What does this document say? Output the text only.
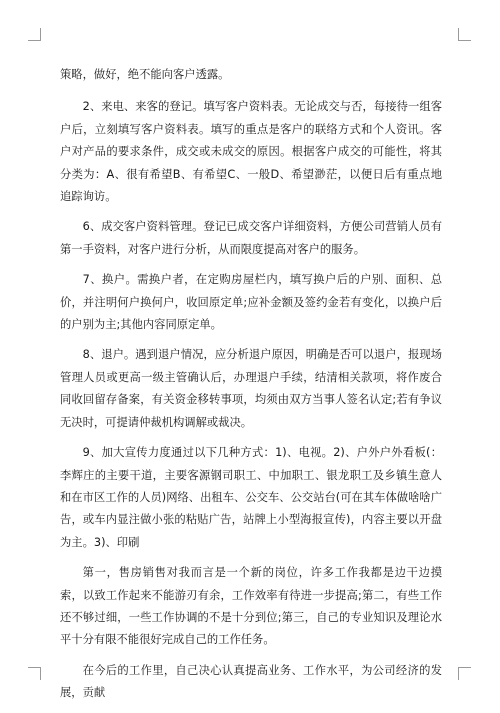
策略，做好，绝不能向客户透露。

2、来电、来客的登记。填写客户资料表。无论成交与否，每接待一组客户后，立刻填写客户资料表。填写的重点是客户的联络方式和个人资讯。客户对产品的要求条件，成交或未成交的原因。根据客户成交的可能性，将其分类为：A、很有希望B、有希望C、一般D、希望渺茫，以便日后有重点地追踪询访。

6、成交客户资料管理。登记已成交客户详细资料，方便公司营销人员有第一手资料，对客户进行分析，从而限度提高对客户的服务。

7、换户。需换户者，在定购房屋栏内，填写换户后的户别、面积、总价，并注明何户换何户，收回原定单;应补金额及签约金若有变化，以换户后的户别为主;其他内容同原定单。

8、退户。遇到退户情况，应分析退户原因，明确是否可以退户，报现场管理人员或更高一级主管确认后，办理退户手续，结清相关款项，将作废合同收回留存备案，有关资金移转事项，均须由双方当事人签名认定;若有争议无决时，可提请仲裁机构调解或裁决。

9、加大宣传力度通过以下几种方式：1)、电视。2)、户外户外看板(：李辉庄的主要干道，主要客源钢司职工、中加职工、银龙职工及乡镇生意人和在市区工作的人员)网络、出租车、公交车、公交站台(可在其车体做啥啥广告，或车内显注做小张的粘贴广告，站牌上小型海报宣传)，内容主要以开盘为主。3)、印刷

第一，售房销售对我而言是一个新的岗位，许多工作我都是边干边摸索，以致工作起来不能游刃有余，工作效率有待进一步提高;第二，有些工作还不够过细，一些工作协调的不是十分到位;第三，自己的专业知识及理论水平十分有限不能很好完成自己的工作任务。

在今后的工作里，自己决心认真提高业务、工作水平，为公司经济的发展，贡献
